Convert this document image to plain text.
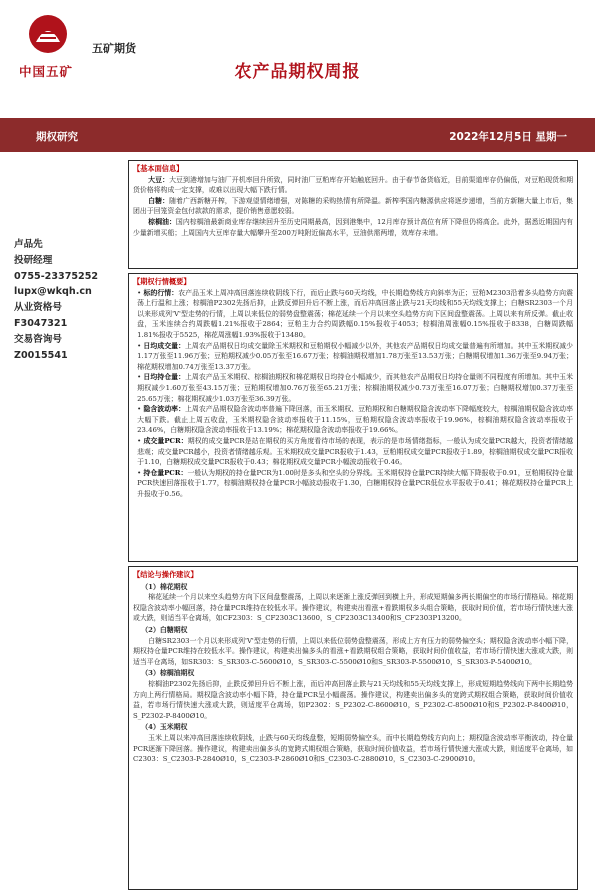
中国五矿
五矿期货
农产品期权周报
期权研究	2022年12月5日 星期一
卢品先
投研经理
0755-23375252
lupx@wkqh.cn
从业资格号
F3047321
交易咨询号
Z0015541
【基本面信息】

大豆：大豆到港增加与油厂开机率回升所致，同时油厂豆粕库存开始触底回升。由于春节备货临近，目前渠道库存仍偏低，对豆粕现货和期货价格将构成一定支撑，或难以出现大幅下跌行情。

白糖：随着广西新糖开榨，下游观望情绪增强，对陈糖的采购热情有所降温。新榨季国内糖源供应将逐步递增，当前方新糖大量上市后，集团出于回笼资金包付款款的需求，提价销售意愿较弱。

棕榈油：国内棕榈油最新商业库存继续回升至历史同期最高，因到港集中，12月库存预计高位有所下降但仍将高企。此外，据悉近期国内有少量新增买船；上周国内大豆库存量大幅攀升至200万吨附近偏高水平，豆油供需两增，效库存未增。

【期权行情概要】

• 标的行情：农产品玉米上周冲高回落连续收阴线下行，而后止跌与60天均线，中长期趋势线方向斜率为正；豆粕M2303沿着多头趋势方向震荡上行温和上涨；棕榈油P2302先扬后抑，止跌反弹回升后不断上涨，而后冲高回落止跌与21天均线和55天均线支撑上；白糖SR2303一个月以来形成列'V'型走势的行情，上周以来低位的弱势盘整震荡；棉花延续一个月以来空头趋势方向下区间盘整震荡。上周以来有所反弹。截止收盘，玉米连续合约周跌幅1.21%报收于2864；豆粕主力合约周跌幅0.15%报收于4053；棕榈油周涨幅0.15%报收于8338，白糖周跌幅1.81%报收于5525，棉花周涨幅1.93%报收于13480。

• 日均成交量：上周农产品期权日均成交量除玉米期权和豆粕期权小幅减少以外，其他农产品期权日均成交量普遍有所增加。其中玉米期权减少1.17万张至11.96万张；豆粕期权减少0.05万张至16.67万张；棕榈油期权增加1.78万张至13.53万张；白糖期权增加1.36万张至9.94万张；棉花期权增加0.74万张至13.37万张。

• 日均持仓量：上周农产品玉米期权、棕榈油期权和棉花期权日均持仓小幅减少，而其他农产品期权日均持仓量则不同程度有所增加。其中玉米期权减少1.60万张至43.15万张；豆粕期权增加0.76万张至65.21万张；棕榈油期权减少0.73万张至16.07万张；白糖期权增加0.37万张至25.65万张；棉花期权减少1.03万张至36.39万张。

• 隐含波动率：上周农产品期权隐含波动率普遍下降回落，而玉米期权、豆粕期权和白糖期权隐含波动率下降幅度较大，棕榈油期权隐含波动率大幅下跌。截止上周五收盘，玉米期权隐含波动率报收于11.15%，豆粕期权隐含波动率报收于19.96%，棕榈油期权隐含波动率报收于23.46%，白糖期权隐含波动率报收于13.19%；棉花期权隐含波动率报收于19.66%。

• 成交量PCR：期权的成交量PCR是站在期权的买方角度看待市场的表现，表示的是市场情绪指标，一般认为成交量PCR越大，投资者情绪越悲观；成交量PCR越小，投资者情绪越乐观。玉米期权成交量PCR报收于1.43，豆粕期权成交量PCR报收于1.89，棕榈油期权成交量PCR报收于1.10，白糖期权成交量PCR报收于0.43；棉花期权成交量PCR小幅波动报收于0.46。

• 持仓量PCR：一般认为期权的持仓量PCR为1.00时是多头和空头的分界线。玉米期权持仓量PCR持续大幅下降报收于0.91，豆粕期权持仓量PCR快速回落报收于1.77，棕榈油期权持仓量PCR小幅波动报收于1.30，白糖期权持仓量PCR低位水平报收于0.41；棉花期权持仓量PCR上升报收于0.56。

【结论与操作建议】
（1）棉花期权

棉花延续一个月以来空头趋势方向下区间盘整震荡，上周以来逐渐上涨反弹回到横上升，形成短期偏多两长期偏空的市场行情格局。棉花期权隐含波动率小幅回落，持仓量PCR维持在较低水平。操作建议，构建卖出看涨+看跌期权多头组合策略，获取时间价值，若市场行情快速大涨或大跌，则适当平仓离场，如CF2303：S_CF2303C13600，S_CF2303C13400和S_CF2303P13200。

（2）白糖期权

白糖SR2303一个月以来形成列'V'型走势的行情，上周以来低位弱势盘整震荡，形成上方有压力的弱势偏空头；期权隐含波动率小幅下降，期权持仓量PCR维持在较低水平。操作建议，构建卖出偏多头的看涨+看跌期权组合策略，获取时间价值收益，若市场行情快速大涨或大跌，则适当平仓离场，如SR303：S_SR303-C-5600Ø10，S_SR303-C-5500Ø10和S_SR303-P-5500Ø10，S_SR303-P-5400Ø10。

（3）棕榈油期权

棕榈油P2302先扬后抑，止跌反弹回升后不断上涨，而后冲高回落止跌与21天均线和55天均线支撑上，形成短期趋势线向下两中长期趋势方向上两行情格局。期权隐含波动率小幅下降，持仓量PCR呈小幅震荡。操作建议，构建卖出偏多头的宽跨式期权组合策略，获取时间价值收益，若市场行情快速大涨或大跌，则适度平仓离场，如P2302：S_P2302-C-8600Ø10，S_P2302-C-8500Ø10和S_P2302-P-8400Ø10，S_P2302-P-8400Ø10。

（4）玉米期权

玉米上周以来冲高回落连续收阴线，止跌与60天均线盘整，短期弱势偏空头，而中长期趋势线方向向上；期权隐含波动率平衡波动，持仓量PCR逐渐下降回落。操作建议，构建卖出偏多头的宽跨式期权组合策略，获取时间价值收益，若市场行情快速大涨或大跌，则适度平仓离场，如C2303：S_C2303-P-2840Ø10，S_C2303-P-2860Ø10和S_C2303-C-2880Ø10，S_C2303-C-2900Ø10。
